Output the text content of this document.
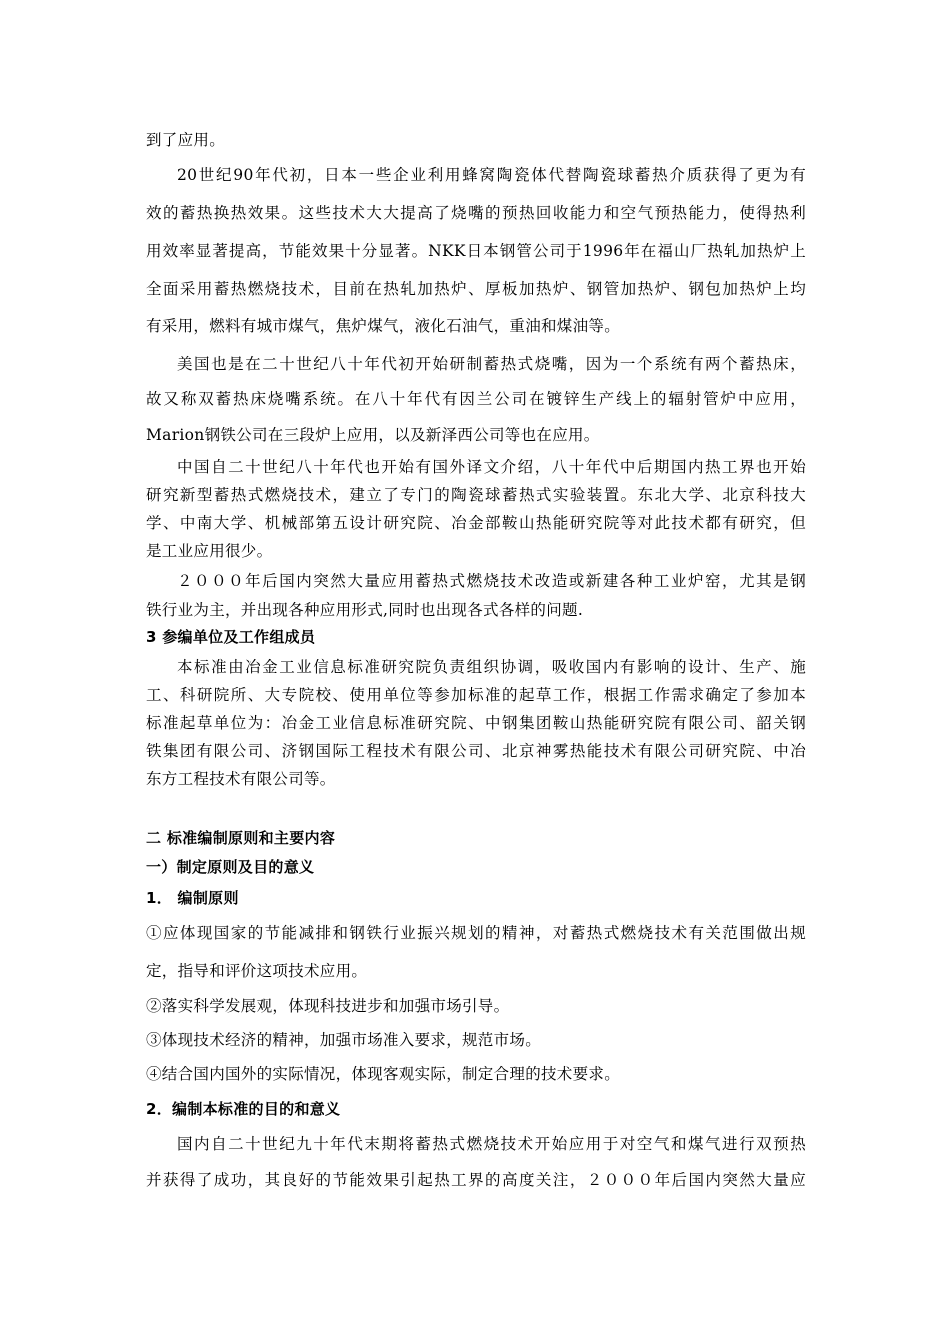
到了应用。
20世纪90年代初，日本一些企业利用蜂窝陶瓷体代替陶瓷球蓄热介质获得了更为有
效的蓄热换热效果。这些技术大大提高了烧嘴的预热回收能力和空气预热能力，使得热利
用效率显著提高，节能效果十分显著。NKK日本钢管公司于1996年在福山厂热轧加热炉上
全面采用蓄热燃烧技术，目前在热轧加热炉、厚板加热炉、钢管加热炉、钢包加热炉上均
有采用，燃料有城市煤气，焦炉煤气，液化石油气，重油和煤油等。
美国也是在二十世纪八十年代初开始研制蓄热式烧嘴，因为一个系统有两个蓄热床，
故又称双蓄热床烧嘴系统。在八十年代有因兰公司在镀锌生产线上的辐射管炉中应用，
Marion钢铁公司在三段炉上应用，以及新泽西公司等也在应用。
中国自二十世纪八十年代也开始有国外译文介绍，八十年代中后期国内热工界也开始
研究新型蓄热式燃烧技术，建立了专门的陶瓷球蓄热式实验装置。东北大学、北京科技大
学、中南大学、机械部第五设计研究院、冶金部鞍山热能研究院等对此技术都有研究，但
是工业应用很少。
２０００年后国内突然大量应用蓄热式燃烧技术改造或新建各种工业炉窑，尤其是钢
铁行业为主，并出现各种应用形式,同时也出现各式各样的问题.
3 参编单位及工作组成员
本标准由冶金工业信息标准研究院负责组织协调，吸收国内有影响的设计、生产、施
工、科研院所、大专院校、使用单位等参加标准的起草工作，根据工作需求确定了参加本
标准起草单位为：冶金工业信息标准研究院、中钢集团鞍山热能研究院有限公司、韶关钢
铁集团有限公司、济钢国际工程技术有限公司、北京神雾热能技术有限公司研究院、中冶
东方工程技术有限公司等。
二 标准编制原则和主要内容
一）制定原则及目的意义
1． 编制原则
①应体现国家的节能减排和钢铁行业振兴规划的精神，对蓄热式燃烧技术有关范围做出规
定，指导和评价这项技术应用。
②落实科学发展观，体现科技进步和加强市场引导。
③体现技术经济的精神，加强市场准入要求，规范市场。
④结合国内国外的实际情况，体现客观实际，制定合理的技术要求。
2．编制本标准的目的和意义
国内自二十世纪九十年代末期将蓄热式燃烧技术开始应用于对空气和煤气进行双预热
并获得了成功，其良好的节能效果引起热工界的高度关注，２０００年后国内突然大量应
